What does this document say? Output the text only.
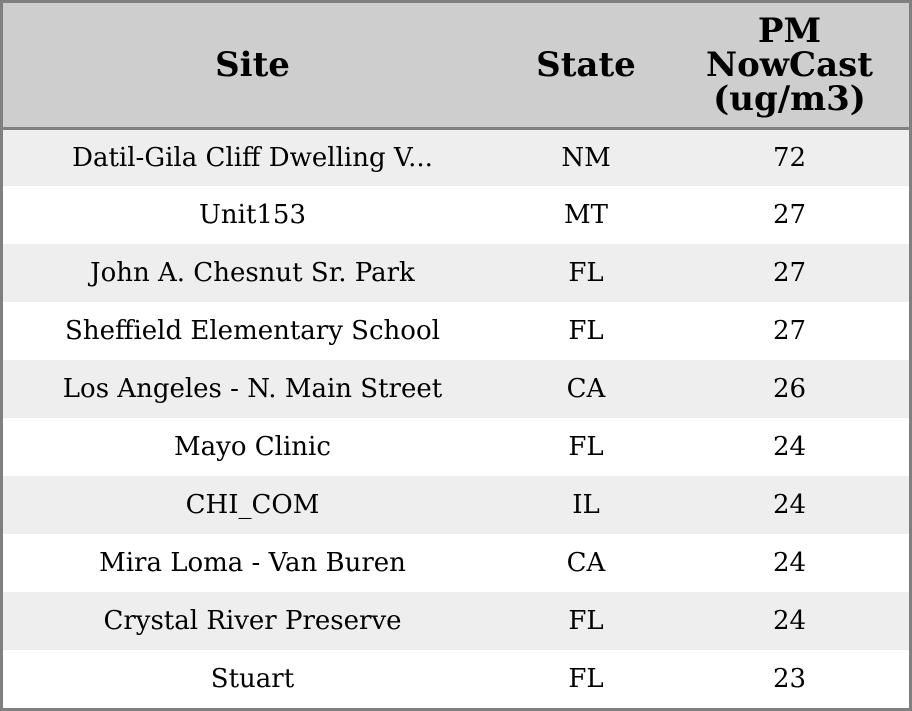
Site	State	PM
NowCast
(ug/m3)

Datil-Gila Cliff Dwelling V...	NM	72
Unit153	MT	27
John A. Chesnut Sr. Park	FL	27
Sheffield Elementary School	FL	27
Los Angeles - N. Main Street	CA	26
Mayo Clinic	FL	24
CHI_COM	IL	24
Mira Loma - Van Buren	CA	24
Crystal River Preserve	FL	24
Stuart	FL	23
